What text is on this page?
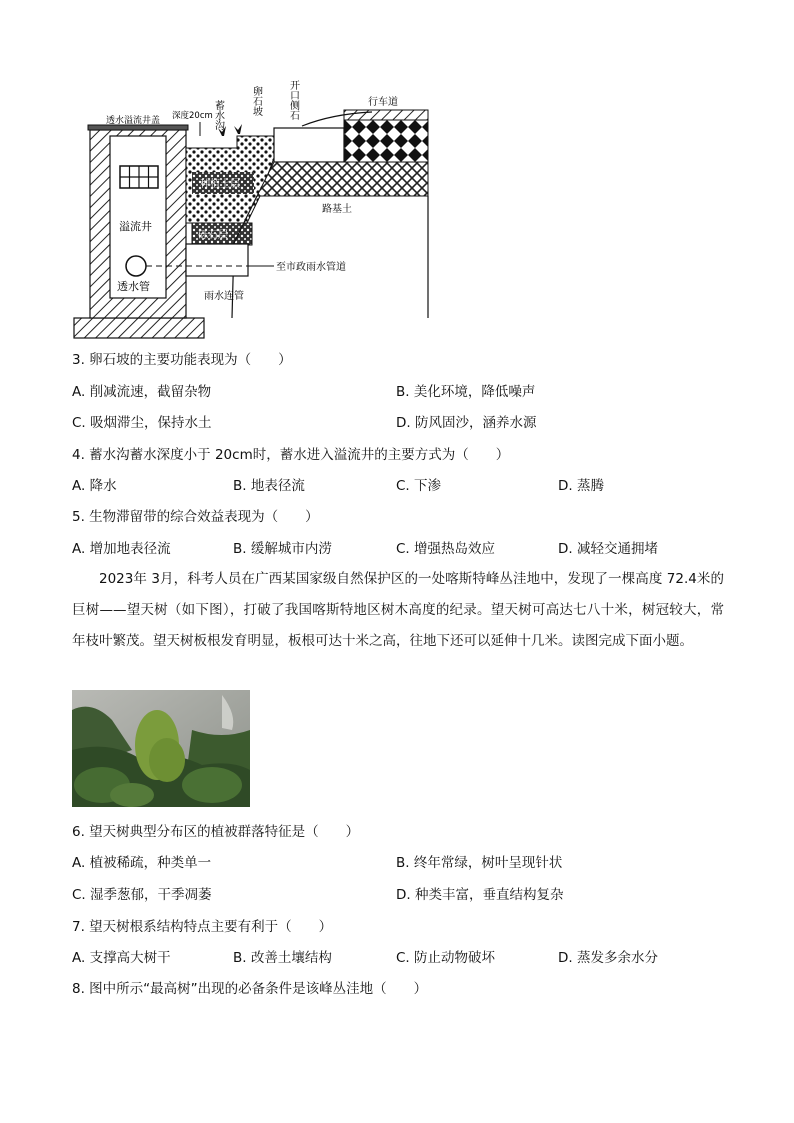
透水溢流井盖 深度20cm 蓄水沟	卵石坡	开口侧石	行车道
种植土层
路基土
溢流井
砾石层
至市政雨水管道
透水管
雨水连管
3. 卵石坡的主要功能表现为（　　）
A. 削减流速，截留杂物	B. 美化环境，降低噪声
C. 吸烟滞尘，保持水土	D. 防风固沙，涵养水源
4. 蓄水沟蓄水深度小于 20cm时，蓄水进入溢流井的主要方式为（　　）
A. 降水	B. 地表径流	C. 下渗	D. 蒸腾
5. 生物滞留带的综合效益表现为（　　）
A. 增加地表径流	B. 缓解城市内涝	C. 增强热岛效应	D. 减轻交通拥堵
2023年 3月，科考人员在广西某国家级自然保护区的一处喀斯特峰丛洼地中，发现了一棵高度 72.4米的巨树——望天树（如下图），打破了我国喀斯特地区树木高度的纪录。望天树可高达七八十米，树冠较大，常年枝叶繁茂。望天树板根发育明显，板根可达十米之高，往地下还可以延伸十几米。读图完成下面小题。
6. 望天树典型分布区的植被群落特征是（　　）
A. 植被稀疏，种类单一	B. 终年常绿，树叶呈现针状
C. 湿季葱郁，干季凋萎	D. 种类丰富，垂直结构复杂
7. 望天树根系结构特点主要有利于（　　）
A. 支撑高大树干	B. 改善土壤结构	C. 防止动物破坏	D. 蒸发多余水分
8. 图中所示“最高树”出现的必备条件是该峰丛洼地（　　）
